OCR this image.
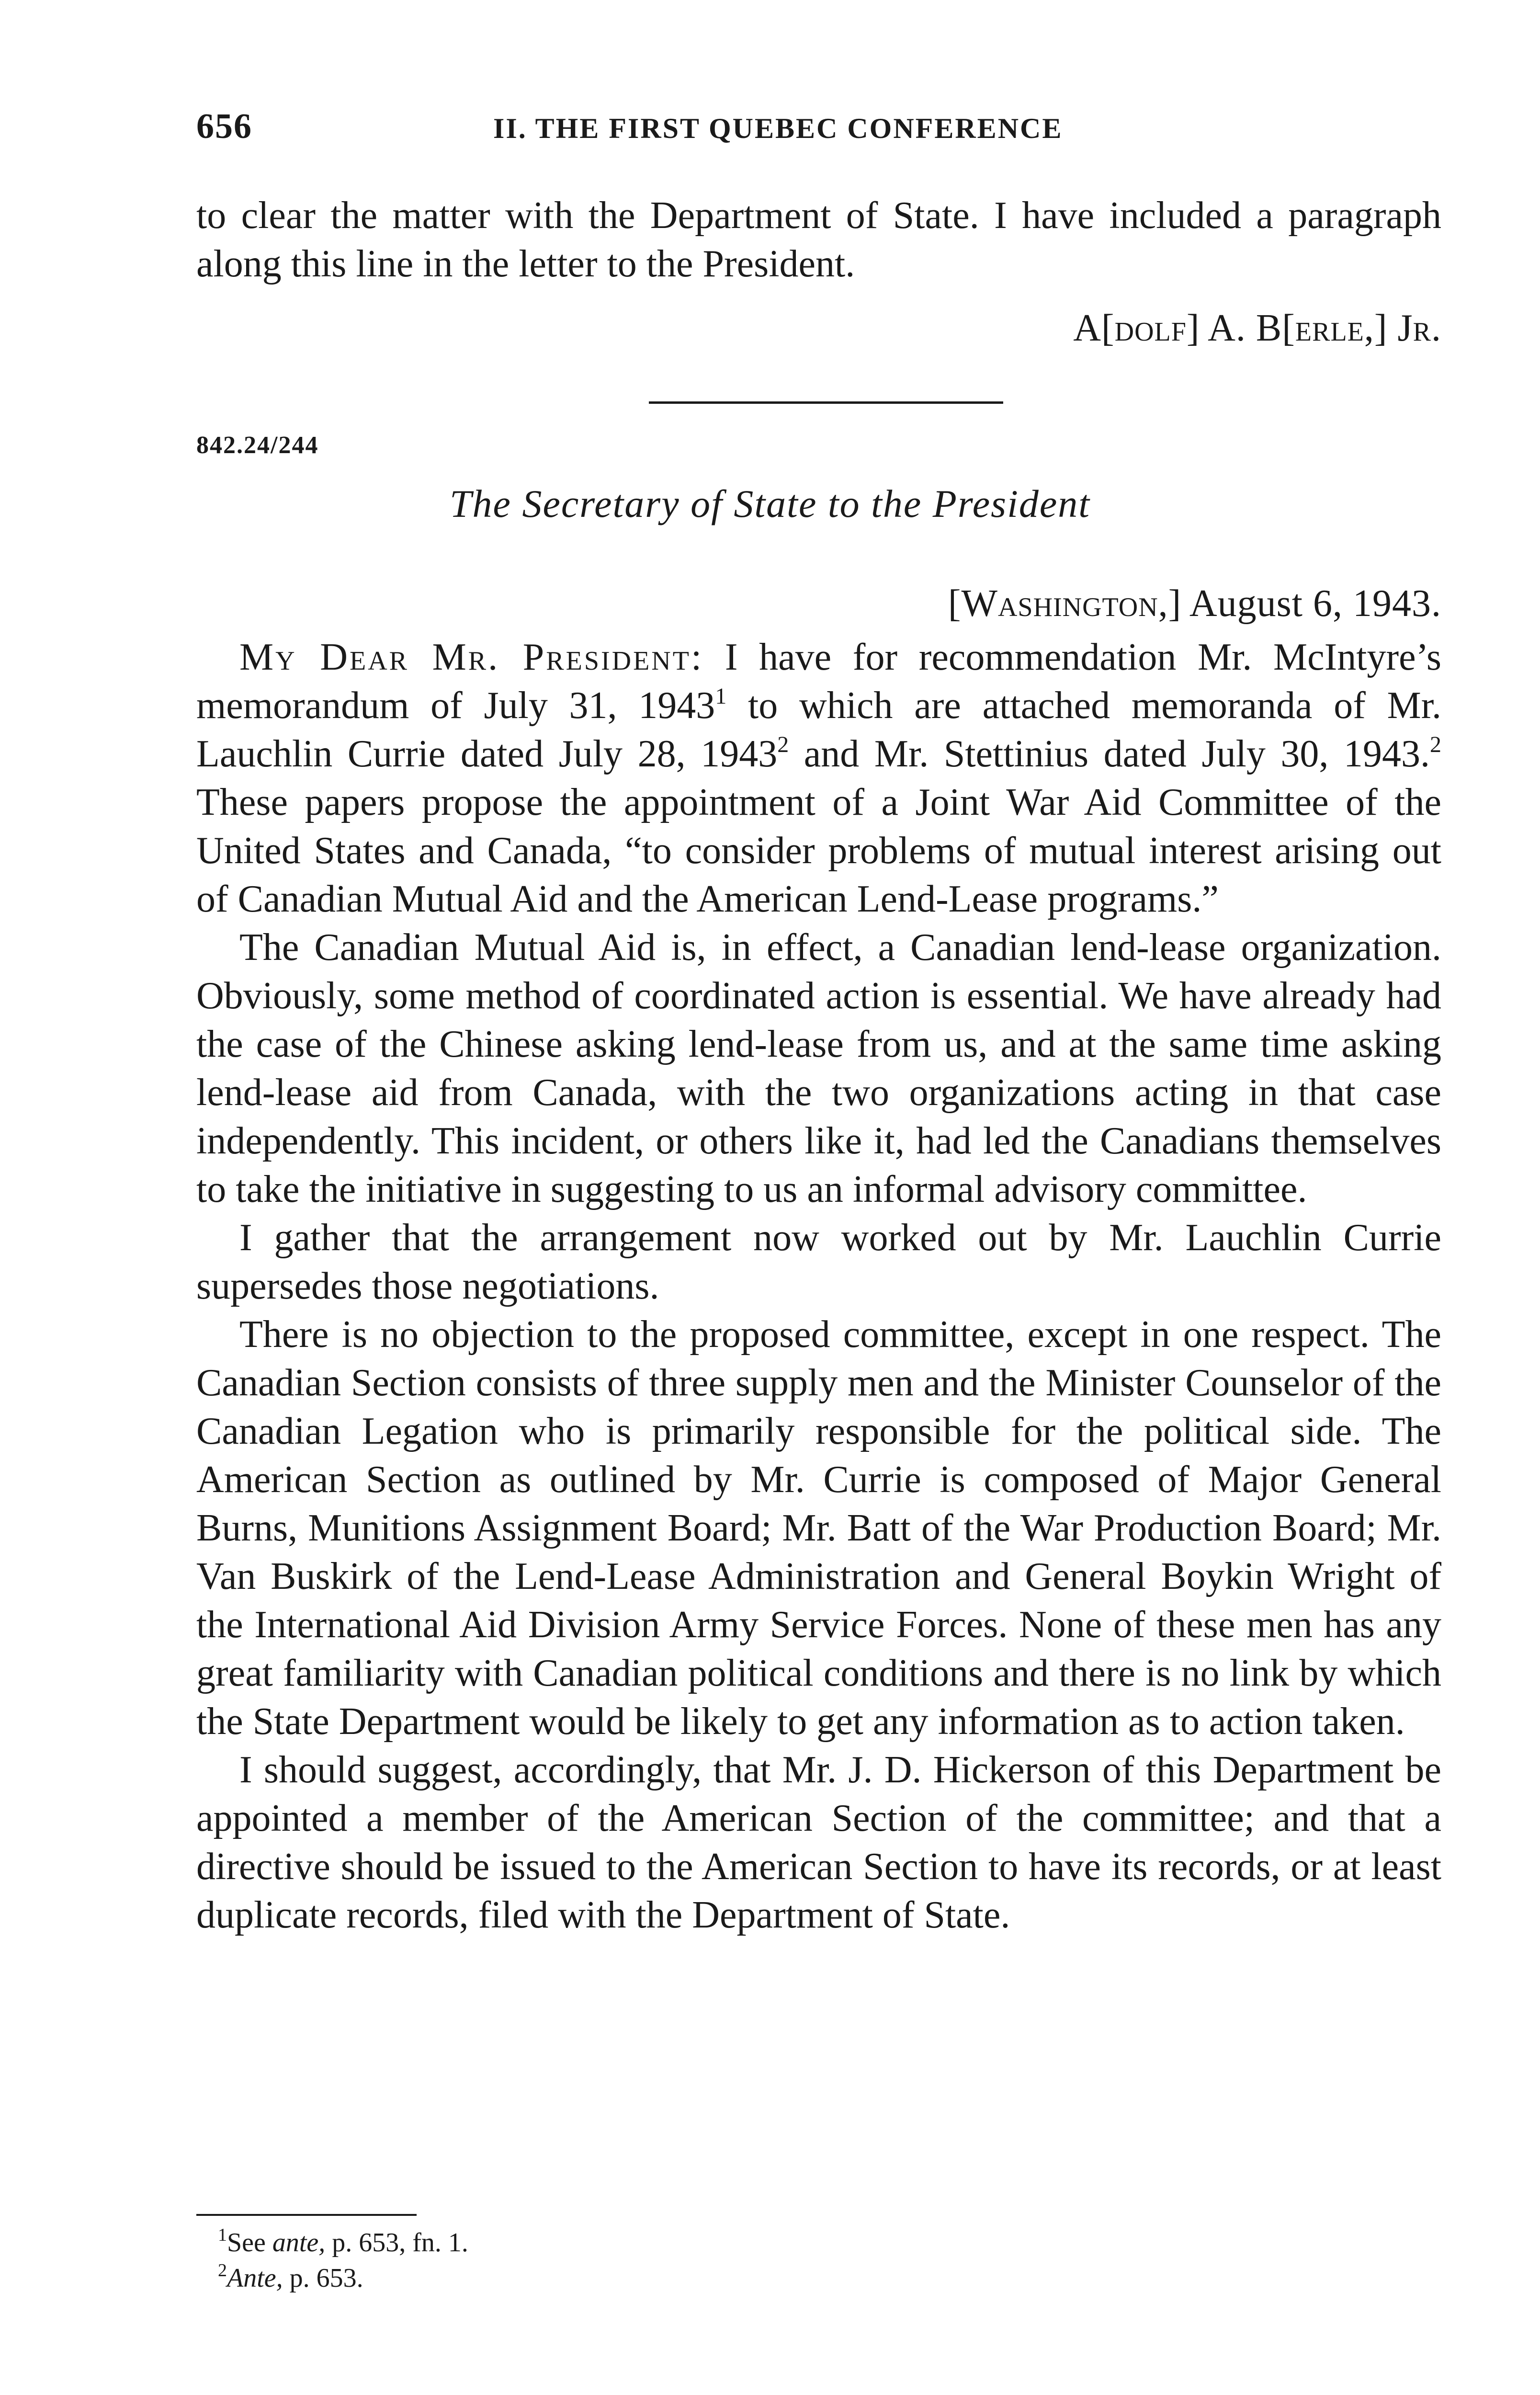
656	II. THE FIRST QUEBEC CONFERENCE

to clear the matter with the Department of State. I have included a paragraph along this line in the letter to the President.

A[dolf] A. B[erle,] Jr.
842.24/244
The Secretary of State to the President
[Washington,] August 6, 1943.

My Dear Mr. President: I have for recommendation Mr. McIntyre’s memorandum of July 31, 1943$^1$ to which are attached memoranda of Mr. Lauchlin Currie dated July 28, 1943$^2$ and Mr. Stettinius dated July 30, 1943.$^2$ These papers propose the appointment of a Joint War Aid Committee of the United States and Canada, “to consider problems of mutual interest arising out of Canadian Mutual Aid and the American Lend-Lease programs.”

The Canadian Mutual Aid is, in effect, a Canadian lend-lease organization. Obviously, some method of coordinated action is essential. We have already had the case of the Chinese asking lend-lease from us, and at the same time asking lend-lease aid from Canada, with the two organizations acting in that case independently. This incident, or others like it, had led the Canadians themselves to take the initiative in suggesting to us an informal advisory committee.

I gather that the arrangement now worked out by Mr. Lauchlin Currie supersedes those negotiations.

There is no objection to the proposed committee, except in one respect. The Canadian Section consists of three supply men and the Minister Counselor of the Canadian Legation who is primarily responsible for the political side. The American Section as outlined by Mr. Currie is composed of Major General Burns, Munitions Assignment Board; Mr. Batt of the War Production Board; Mr. Van Buskirk of the Lend-Lease Administration and General Boykin Wright of the International Aid Division Army Service Forces. None of these men has any great familiarity with Canadian political conditions and there is no link by which the State Department would be likely to get any information as to action taken.

I should suggest, accordingly, that Mr. J. D. Hickerson of this Department be appointed a member of the American Section of the committee; and that a directive should be issued to the American Section to have its records, or at least duplicate records, filed with the Department of State.

$^1$See ante, p. 653, fn. 1.
$^2$Ante, p. 653.
